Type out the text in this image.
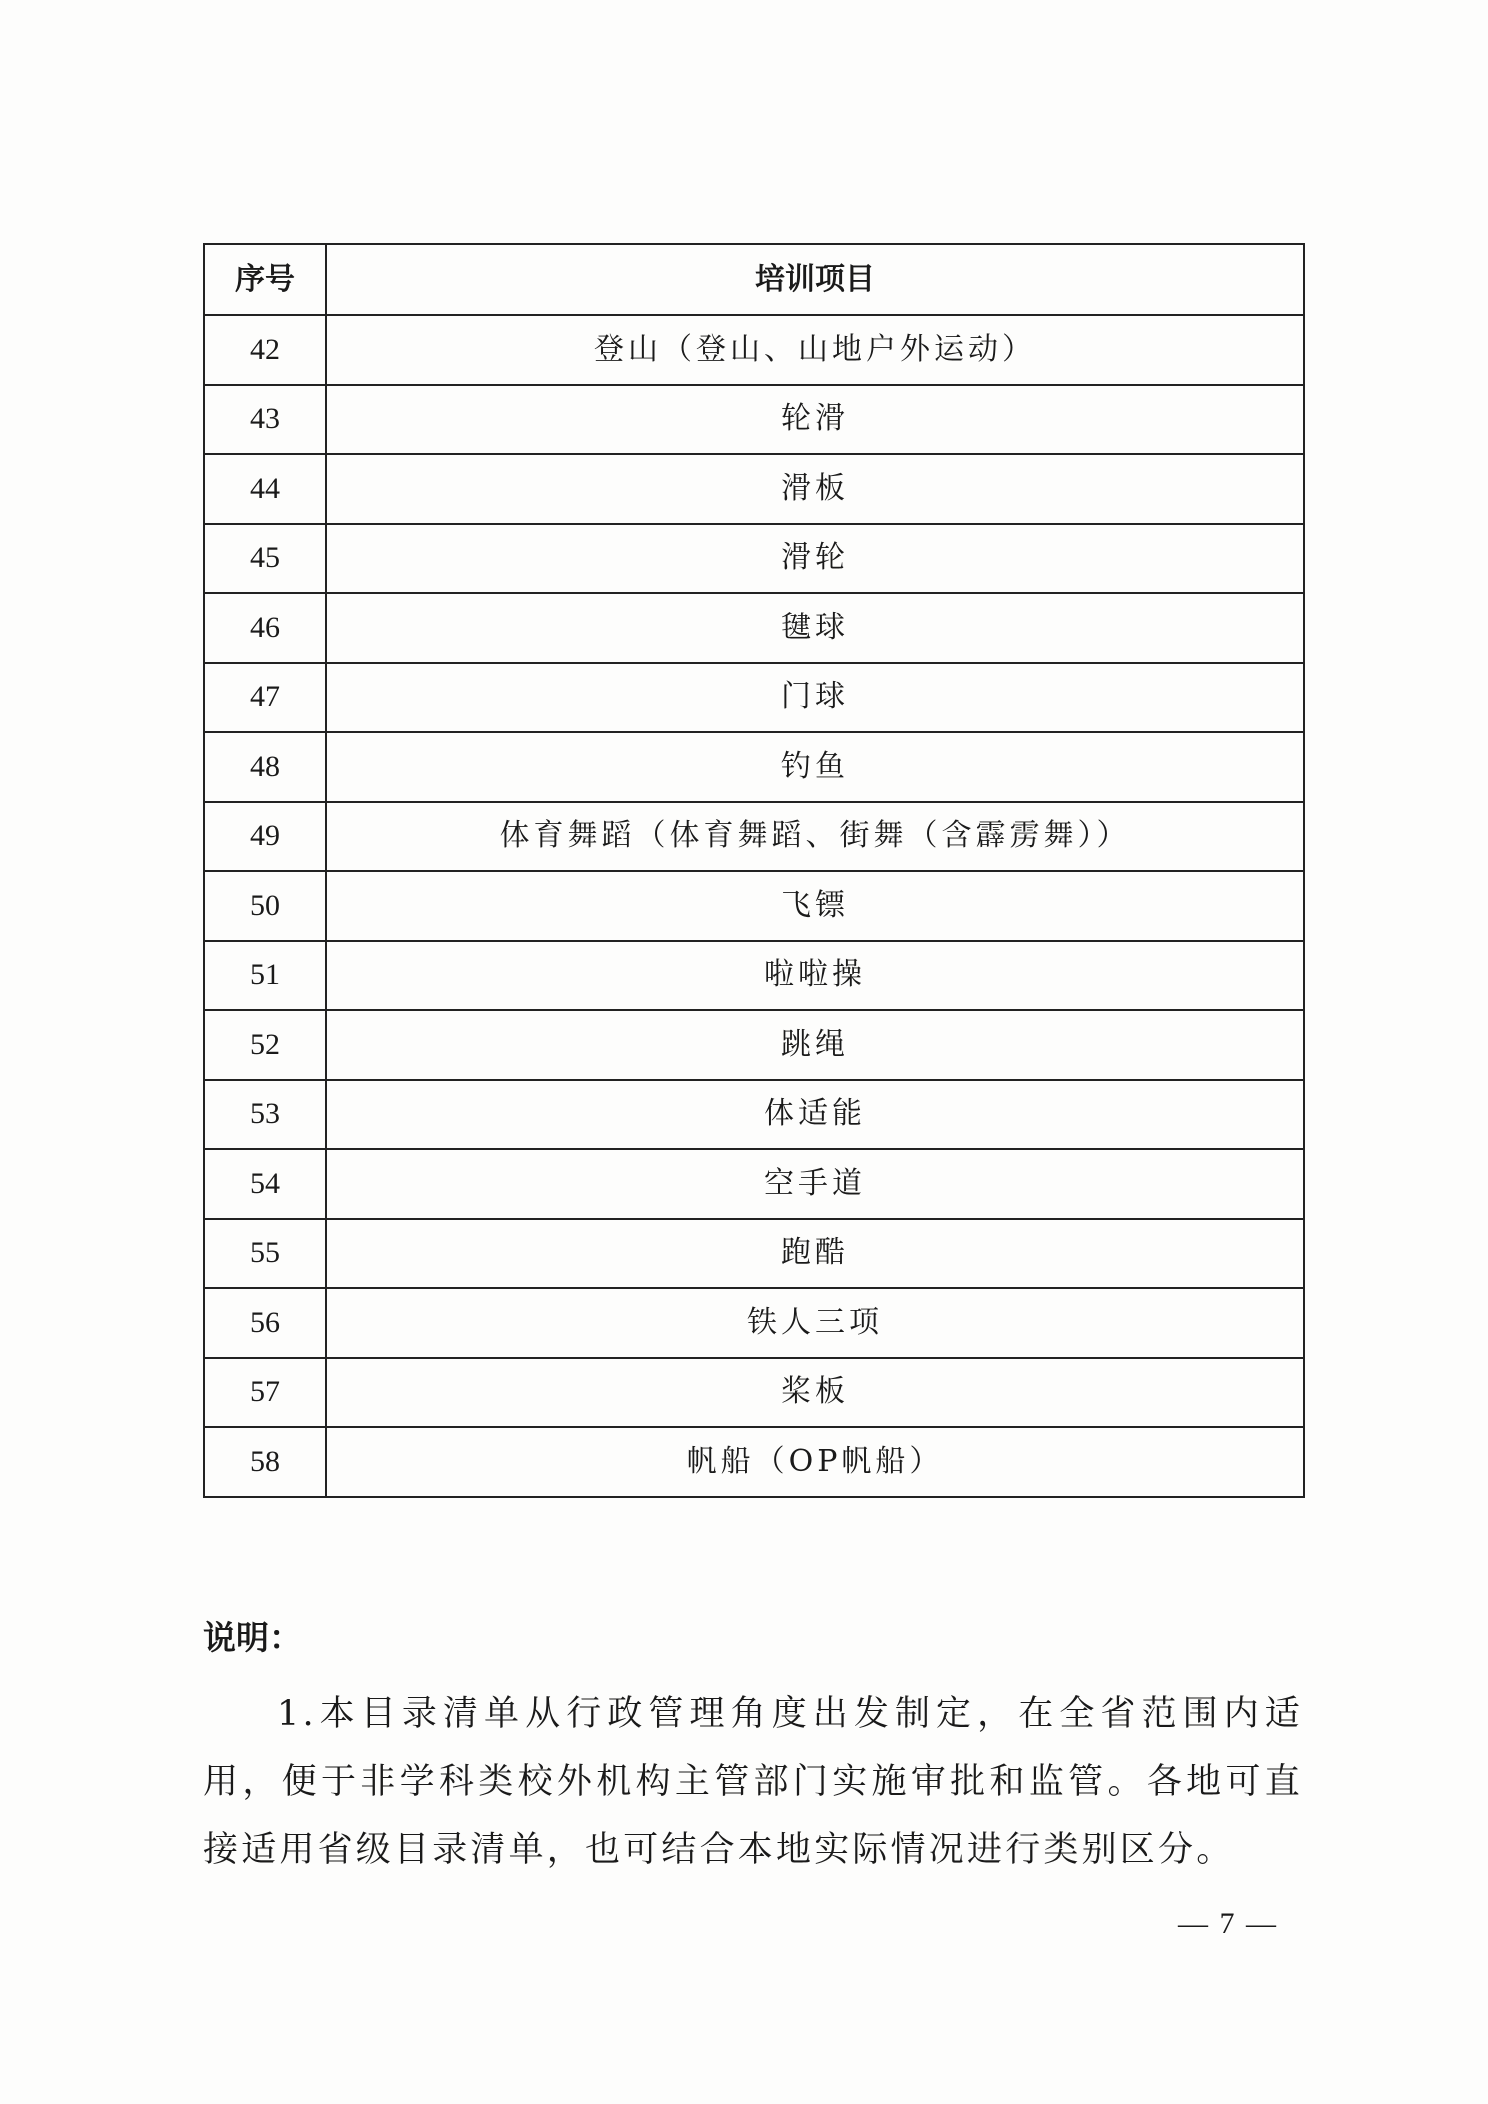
序号	培训项目
42	登山（登山、山地户外运动）
43	轮滑
44	滑板
45	滑轮
46	毽球
47	门球
48	钓鱼
49	体育舞蹈（体育舞蹈、街舞（含霹雳舞））
50	飞镖
51	啦啦操
52	跳绳
53	体适能
54	空手道
55	跑酷
56	铁人三项
57	桨板
58	帆船（OP帆船）
说明：

1.本目录清单从行政管理角度出发制定，在全省范围内适用，便于非学科类校外机构主管部门实施审批和监管。各地可直接适用省级目录清单，也可结合本地实际情况进行类别区分。

— 7 —
